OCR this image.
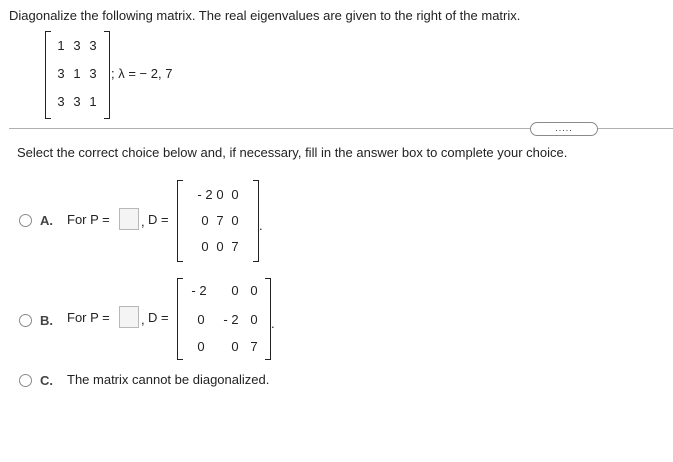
Diagonalize the following matrix. The real eigenvalues are given to the right of the matrix.
1 3 3
3 1 3
3 3 1
; λ = − 2, 7
.....
Select the correct choice below and, if necessary, fill in the answer box to complete your choice.
A. For P = , D =
- 2 0 0
0 7 0
0 0 7
.
B. For P = , D =
- 2 0 0
0 - 2 0
0 0 7
.
C. The matrix cannot be diagonalized.
